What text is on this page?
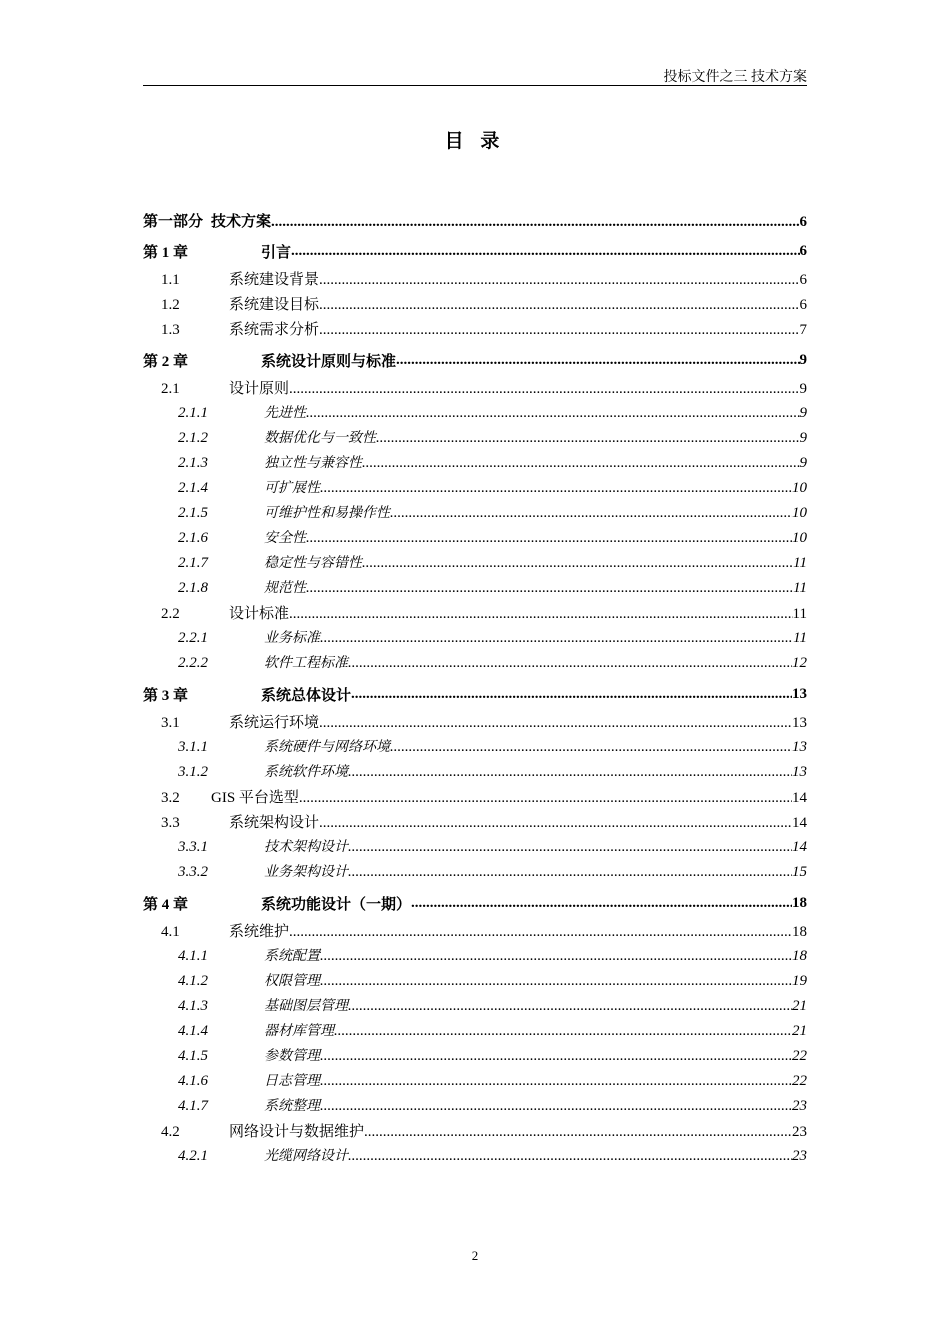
投标文件之三 技术方案
目 录
第一部分 技术方案 .....	6
第 1 章	引言 .....	6
1.1	系统建设背景 .....	6
1.2	系统建设目标 .....	6
1.3	系统需求分析 .....	7
第 2 章	系统设计原则与标准 .....	9
2.1	设计原则 .....	9
2.1.1	先进性 .....	9
2.1.2	数据优化与一致性 .....	9
2.1.3	独立性与兼容性 .....	9
2.1.4	可扩展性 .....	10
2.1.5	可维护性和易操作性 .....	10
2.1.6	安全性 .....	10
2.1.7	稳定性与容错性 .....	11
2.1.8	规范性 .....	11
2.2	设计标准 .....	11
2.2.1	业务标准 .....	11
2.2.2	软件工程标准 .....	12
第 3 章	系统总体设计 .....	13
3.1	系统运行环境 .....	13
3.1.1	系统硬件与网络环境 .....	13
3.1.2	系统软件环境 .....	13
3.2	GIS 平台选型 .....	14
3.3	系统架构设计 .....	14
3.3.1	技术架构设计 .....	14
3.3.2	业务架构设计 .....	15
第 4 章	系统功能设计（一期） .....	18
4.1	系统维护 .....	18
4.1.1	系统配置 .....	18
4.1.2	权限管理 .....	19
4.1.3	基础图层管理 .....	21
4.1.4	器材库管理 .....	21
4.1.5	参数管理 .....	22
4.1.6	日志管理 .....	22
4.1.7	系统整理 .....	23
4.2	网络设计与数据维护 .....	23
4.2.1	光缆网络设计 .....	23
2
